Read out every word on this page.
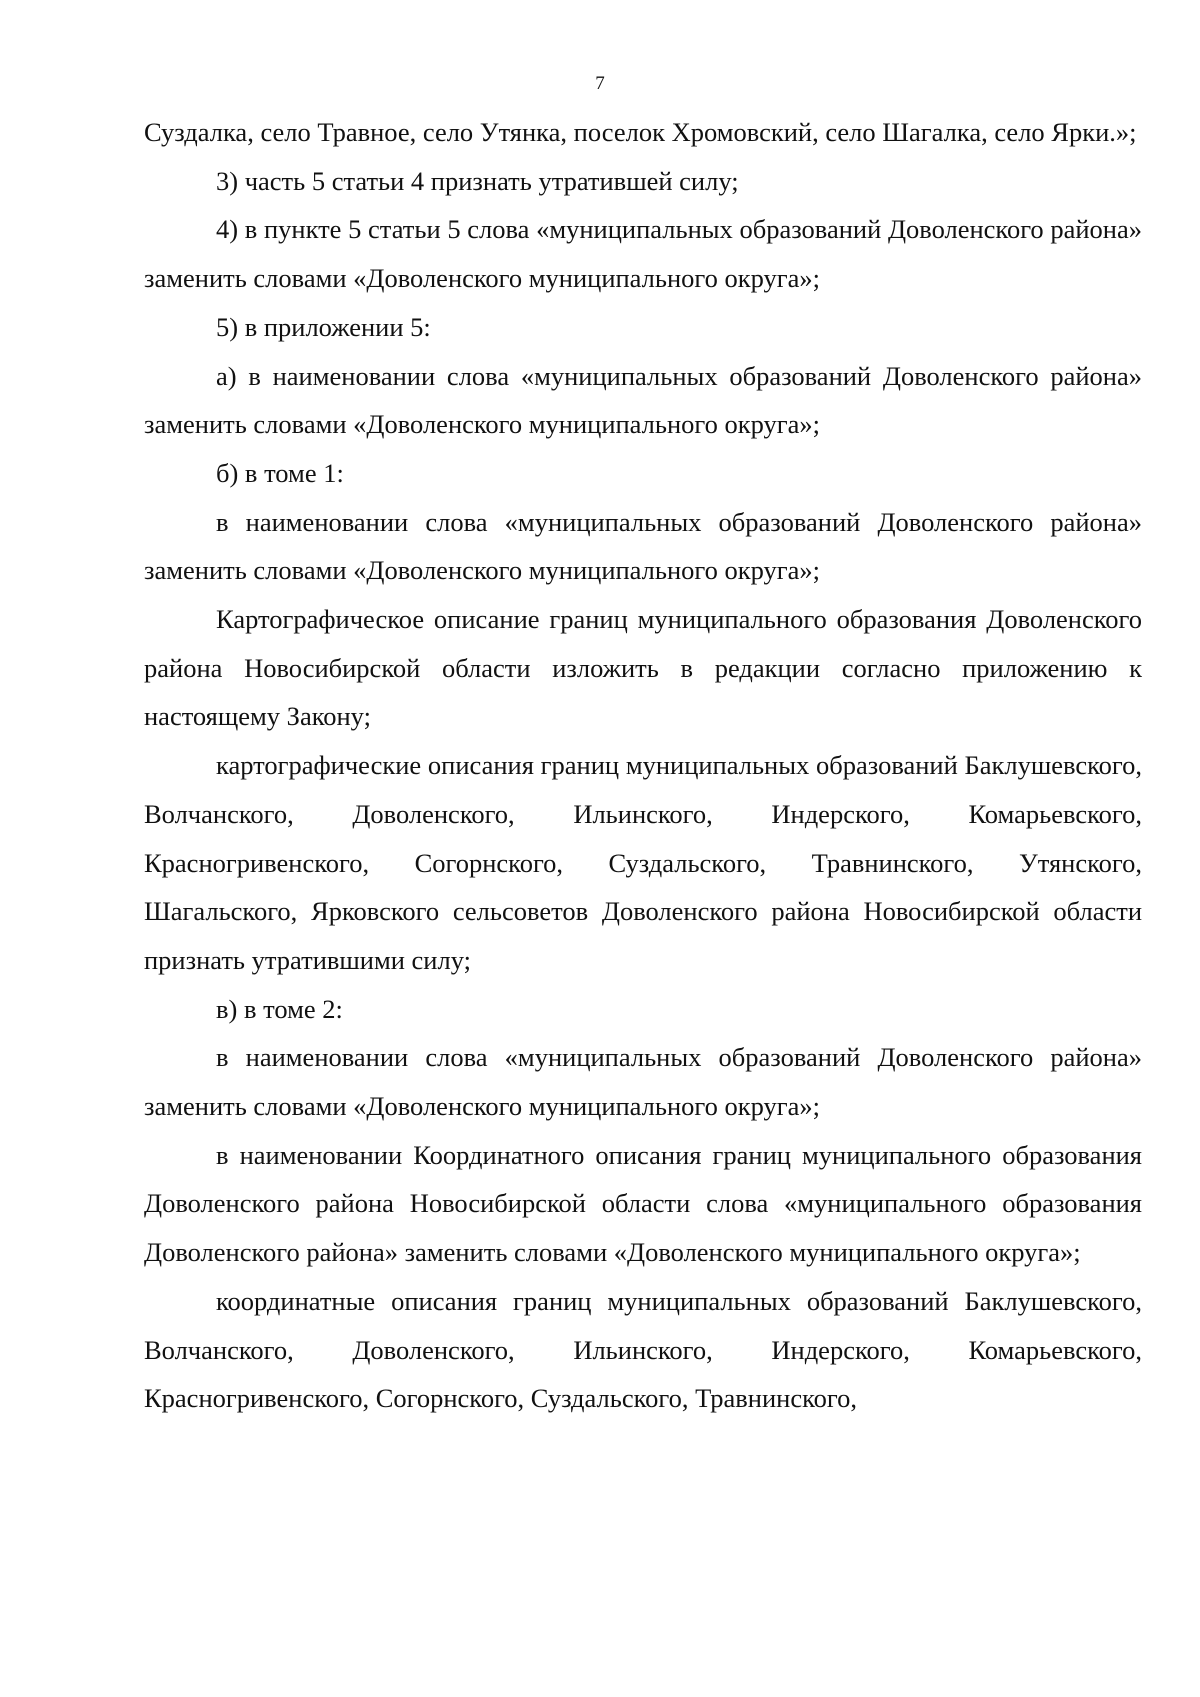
7

Суздалка, село Травное, село Утянка, поселок Хромовский, село Шагалка, село Ярки.»;

3) часть 5 статьи 4 признать утратившей силу;

4) в пункте 5 статьи 5 слова «муниципальных образований Доволенского района» заменить словами «Доволенского муниципального округа»;

5) в приложении 5:

а) в наименовании слова «муниципальных образований Доволенского района» заменить словами «Доволенского муниципального округа»;

б) в томе 1:

в наименовании слова «муниципальных образований Доволенского района» заменить словами «Доволенского муниципального округа»;

Картографическое описание границ муниципального образования Доволенского района Новосибирской области изложить в редакции согласно приложению к настоящему Закону;

картографические описания границ муниципальных образований Баклушевского, Волчанского, Доволенского, Ильинского, Индерского, Комарьевского, Красногривенского, Согорнского, Суздальского, Травнинского, Утянского, Шагальского, Ярковского сельсоветов Доволенского района Новосибирской области признать утратившими силу;

в) в томе 2:

в наименовании слова «муниципальных образований Доволенского района» заменить словами «Доволенского муниципального округа»;

в наименовании Координатного описания границ муниципального образования Доволенского района Новосибирской области слова «муниципального образования Доволенского района» заменить словами «Доволенского муниципального округа»;

координатные описания границ муниципальных образований Баклушевского, Волчанского, Доволенского, Ильинского, Индерского, Комарьевского, Красногривенского, Согорнского, Суздальского, Травнинского,
